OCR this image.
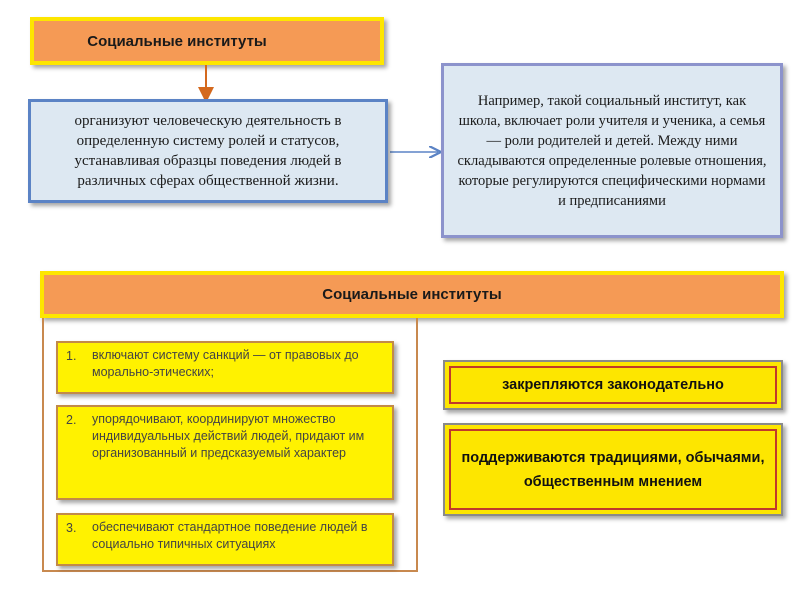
Социальные институты
организуют человеческую деятельность в определенную систему ролей и статусов, устанавливая образцы поведения людей в различных сферах общественной жизни.
Например, такой социальный институт, как школа, включает роли учителя и ученика, а семья — роли родителей и детей. Между ними складываются определенные ролевые отношения, которые регулируются специфическими нормами и предписаниями
Социальные институты
1. включают систему санкций — от правовых до морально-этических;
2. упорядочивают, координируют множество индивидуальных действий людей, придают им организованный и предсказуемый характер
3. обеспечивают стандартное поведение людей в социально типичных ситуациях
закрепляются законодательно
поддерживаются традициями, обычаями, общественным мнением
